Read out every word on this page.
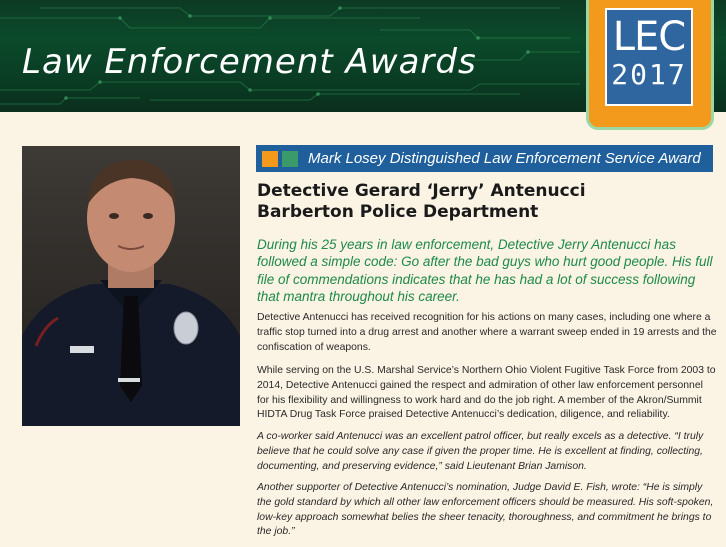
Law Enforcement Awards
LEC
2017
Mark Losey Distinguished Law Enforcement Service Award
Detective Gerard ‘Jerry’ Antenucci
Barberton Police Department

During his 25 years in law enforcement, Detective Jerry Antenucci has followed a simple code: Go after the bad guys who hurt good people. His full file of commendations indicates that he has had a lot of success following that mantra throughout his career.

Detective Antenucci has received recognition for his actions on many cases, including one where a traffic stop turned into a drug arrest and another where a warrant sweep ended in 19 arrests and the confiscation of weapons.

While serving on the U.S. Marshal Service’s Northern Ohio Violent Fugitive Task Force from 2003 to 2014, Detective Antenucci gained the respect and admiration of other law enforcement personnel for his flexibility and willingness to work hard and do the job right. A member of the Akron/Summit HIDTA Drug Task Force praised Detective Antenucci’s dedication, diligence, and reliability.

A co-worker said Antenucci was an excellent patrol officer, but really excels as a detective. “I truly believe that he could solve any case if given the proper time. He is excellent at finding, collecting, documenting, and preserving evidence,” said Lieutenant Brian Jamison.

Another supporter of Detective Antenucci’s nomination, Judge David E. Fish, wrote: “He is simply the gold standard by which all other law enforcement officers should be measured. His soft-spoken, low-key approach somewhat belies the sheer tenacity, thoroughness, and commitment he brings to the job.”
